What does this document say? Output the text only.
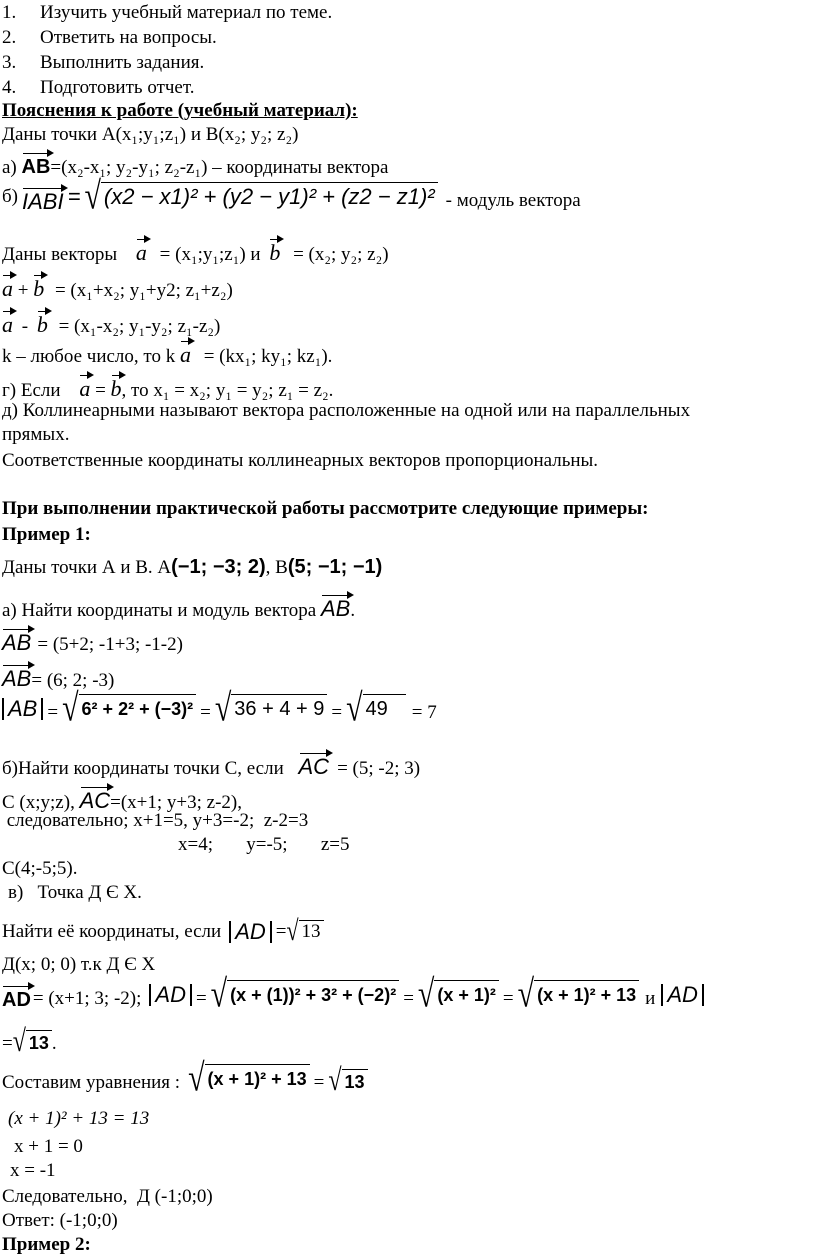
1. Изучить учебный материал по теме.
2. Ответить на вопросы.
3. Выполнить задания.
4. Подготовить отчет.
Пояснения к работе (учебный материал):
Даны точки А(x₁;y₁;z₁) и В(x₂; y₂; z₂)
а) AB=(x₂-x₁; y₂-y₁; z₂-z₁) – координаты вектора
б) IABI = √ (x2 − x1)² + (y2 − y1)² + (z2 − z1)² - модуль вектора
Даны векторы a = (x₁;y₁;z₁) и b = (x₂; y₂; z₂)
a + b = (x₁+x₂; y₁+y2; z₁+z₂)
a - b = (x₁-x₂; y₁-y₂; z₁-z₂)
k – любое число, то k a = (kx₁; ky₁; kz₁).
г) Если a = b, то x₁ = x₂; y₁ = y₂; z₁ = z₂.
д) Коллинеарными называют вектора расположенные на одной или на параллельных
прямых.
Соответственные координаты коллинеарных векторов пропорциональны.
При выполнении практической работы рассмотрите следующие примеры:
Пример 1:
Даны точки А и В. А(−1; −3; 2), В(5; −1; −1)
а) Найти координаты и модуль вектора AB.
AB = (5+2; -1+3; -1-2)
AB= (6; 2; -3)
AB = √ 6² + 2² + (−3)² = √ 36 + 4 + 9 = √ 49	= 7
б)Найти координаты точки С, если AC = (5; -2; 3)
С (x;y;z), AC=(x+1; y+3; z-2),
следовательно; x+1=5, y+3=-2;  z-2=3
x=4;       y=-5;       z=5
С(4;-5;5).
в)   Точка Д Є X.
Найти её координаты, если AD = √ 13
Д(x; 0; 0) т.к Д Є X
AD = (x+1; 3; -2); AD = √ (x + (1))² + 3² + (−2)² = √ (x + 1)² = √ (x + 1)² + 13 и AD
= √ 13 .
Составим уравнения : √ (x + 1)² + 13 = √ 13
(x + 1)² + 13 = 13
x + 1 = 0
x = -1
Следовательно,  Д (-1;0;0)
Ответ: (-1;0;0)
Пример 2:
